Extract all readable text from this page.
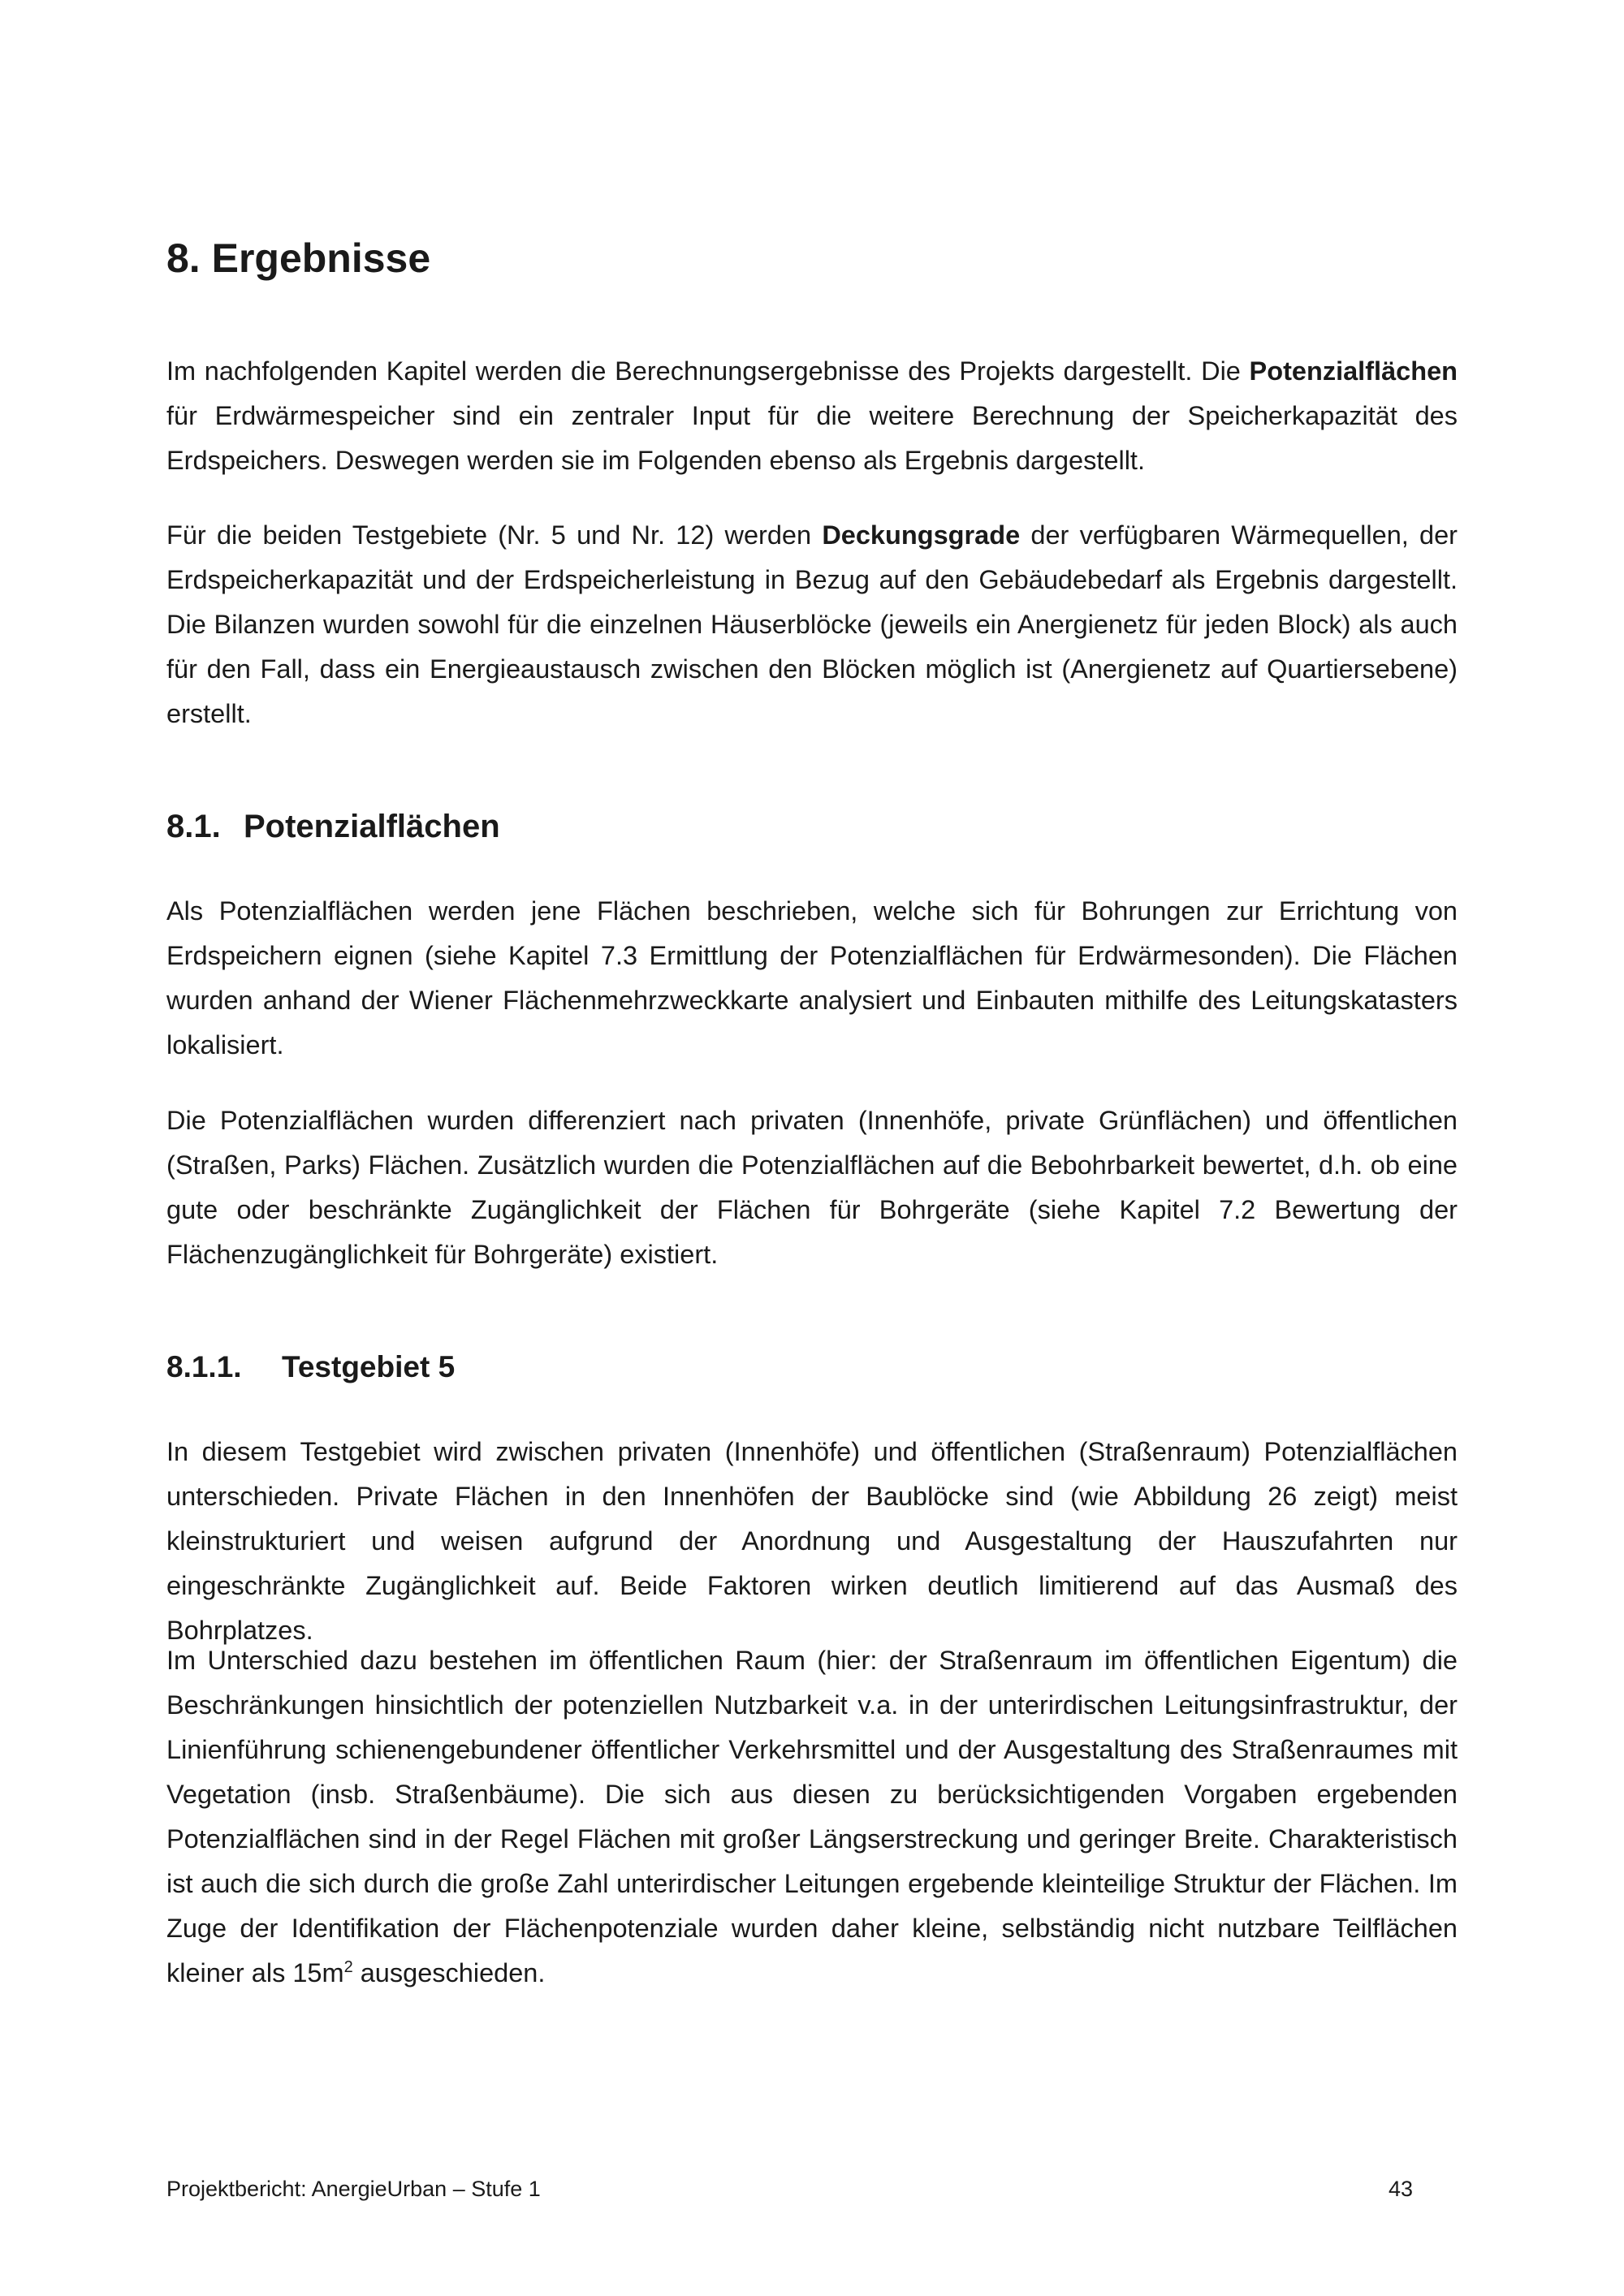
8. Ergebnisse

Im nachfolgenden Kapitel werden die Berechnungsergebnisse des Projekts dargestellt. Die Potenzialflächen für Erdwärmespeicher sind ein zentraler Input für die weitere Berechnung der Speicherkapazität des Erdspeichers. Deswegen werden sie im Folgenden ebenso als Ergebnis dargestellt.

Für die beiden Testgebiete (Nr. 5 und Nr. 12) werden Deckungsgrade der verfügbaren Wärmequellen, der Erdspeicherkapazität und der Erdspeicherleistung in Bezug auf den Gebäudebedarf als Ergebnis dargestellt. Die Bilanzen wurden sowohl für die einzelnen Häuserblöcke (jeweils ein Anergienetz für jeden Block) als auch für den Fall, dass ein Energieaustausch zwischen den Blöcken möglich ist (Anergienetz auf Quartiersebene) erstellt.

8.1. Potenzialflächen

Als Potenzialflächen werden jene Flächen beschrieben, welche sich für Bohrungen zur Errichtung von Erdspeichern eignen (siehe Kapitel 7.3 Ermittlung der Potenzialflächen für Erdwärmesonden). Die Flächen wurden anhand der Wiener Flächenmehrzweckkarte analysiert und Einbauten mithilfe des Leitungskatasters lokalisiert.

Die Potenzialflächen wurden differenziert nach privaten (Innenhöfe, private Grünflächen) und öffentlichen (Straßen, Parks) Flächen. Zusätzlich wurden die Potenzialflächen auf die Bebohrbarkeit bewertet, d.h. ob eine gute oder beschränkte Zugänglichkeit der Flächen für Bohrgeräte (siehe Kapitel 7.2 Bewertung der Flächenzugänglichkeit für Bohrgeräte) existiert.

8.1.1. Testgebiet 5

In diesem Testgebiet wird zwischen privaten (Innenhöfe) und öffentlichen (Straßenraum) Potenzialflächen unterschieden. Private Flächen in den Innenhöfen der Baublöcke sind (wie Abbildung 26 zeigt) meist kleinstrukturiert und weisen aufgrund der Anordnung und Ausgestaltung der Hauszufahrten nur eingeschränkte Zugänglichkeit auf. Beide Faktoren wirken deutlich limitierend auf das Ausmaß des Bohrplatzes.

Im Unterschied dazu bestehen im öffentlichen Raum (hier: der Straßenraum im öffentlichen Eigentum) die Beschränkungen hinsichtlich der potenziellen Nutzbarkeit v.a. in der unterirdischen Leitungsinfrastruktur, der Linienführung schienengebundener öffentlicher Verkehrsmittel und der Ausgestaltung des Straßenraumes mit Vegetation (insb. Straßenbäume). Die sich aus diesen zu berücksichtigenden Vorgaben ergebenden Potenzialflächen sind in der Regel Flächen mit großer Längserstreckung und geringer Breite. Charakteristisch ist auch die sich durch die große Zahl unterirdischer Leitungen ergebende kleinteilige Struktur der Flächen. Im Zuge der Identifikation der Flächenpotenziale wurden daher kleine, selbständig nicht nutzbare Teilflächen kleiner als $15m^2$ ausgeschieden.

Projektbericht: AnergieUrban – Stufe 1	43
